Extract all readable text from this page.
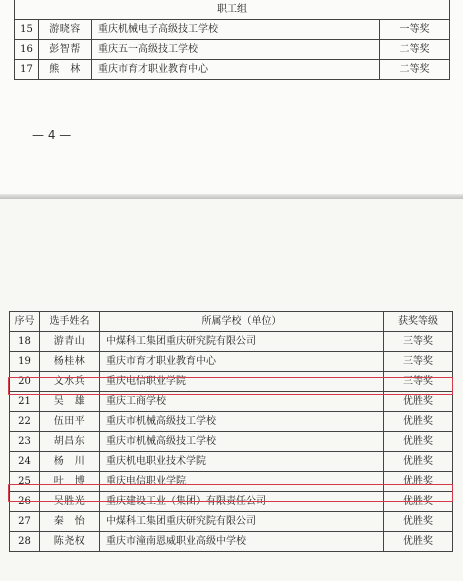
职工组			
15	游晓容	重庆机械电子高级技工学校	一等奖
16	彭智帮	重庆五一高级技工学校	二等奖
17	熊　林	重庆市育才职业教育中心	二等奖
— 4 —
序号	选手姓名	所属学校（单位）	获奖等级
18	游青山	中煤科工集团重庆研究院有限公司	三等奖
19	杨桂林	重庆市育才职业教育中心	三等奖
20	文水兵	重庆电信职业学院	三等奖
21	吴　雄	重庆工商学校	优胜奖
22	伍田平	重庆市机械高级技工学校	优胜奖
23	胡昌东	重庆市机械高级技工学校	优胜奖
24	杨　川	重庆机电职业技术学院	优胜奖
25	叶　博	重庆电信职业学院	优胜奖
26	吴胜光	重庆建设工业（集团）有限责任公司	优胜奖
27	秦　怡	中煤科工集团重庆研究院有限公司	优胜奖
28	陈尧权	重庆市潼南恩威职业高级中学校	优胜奖
